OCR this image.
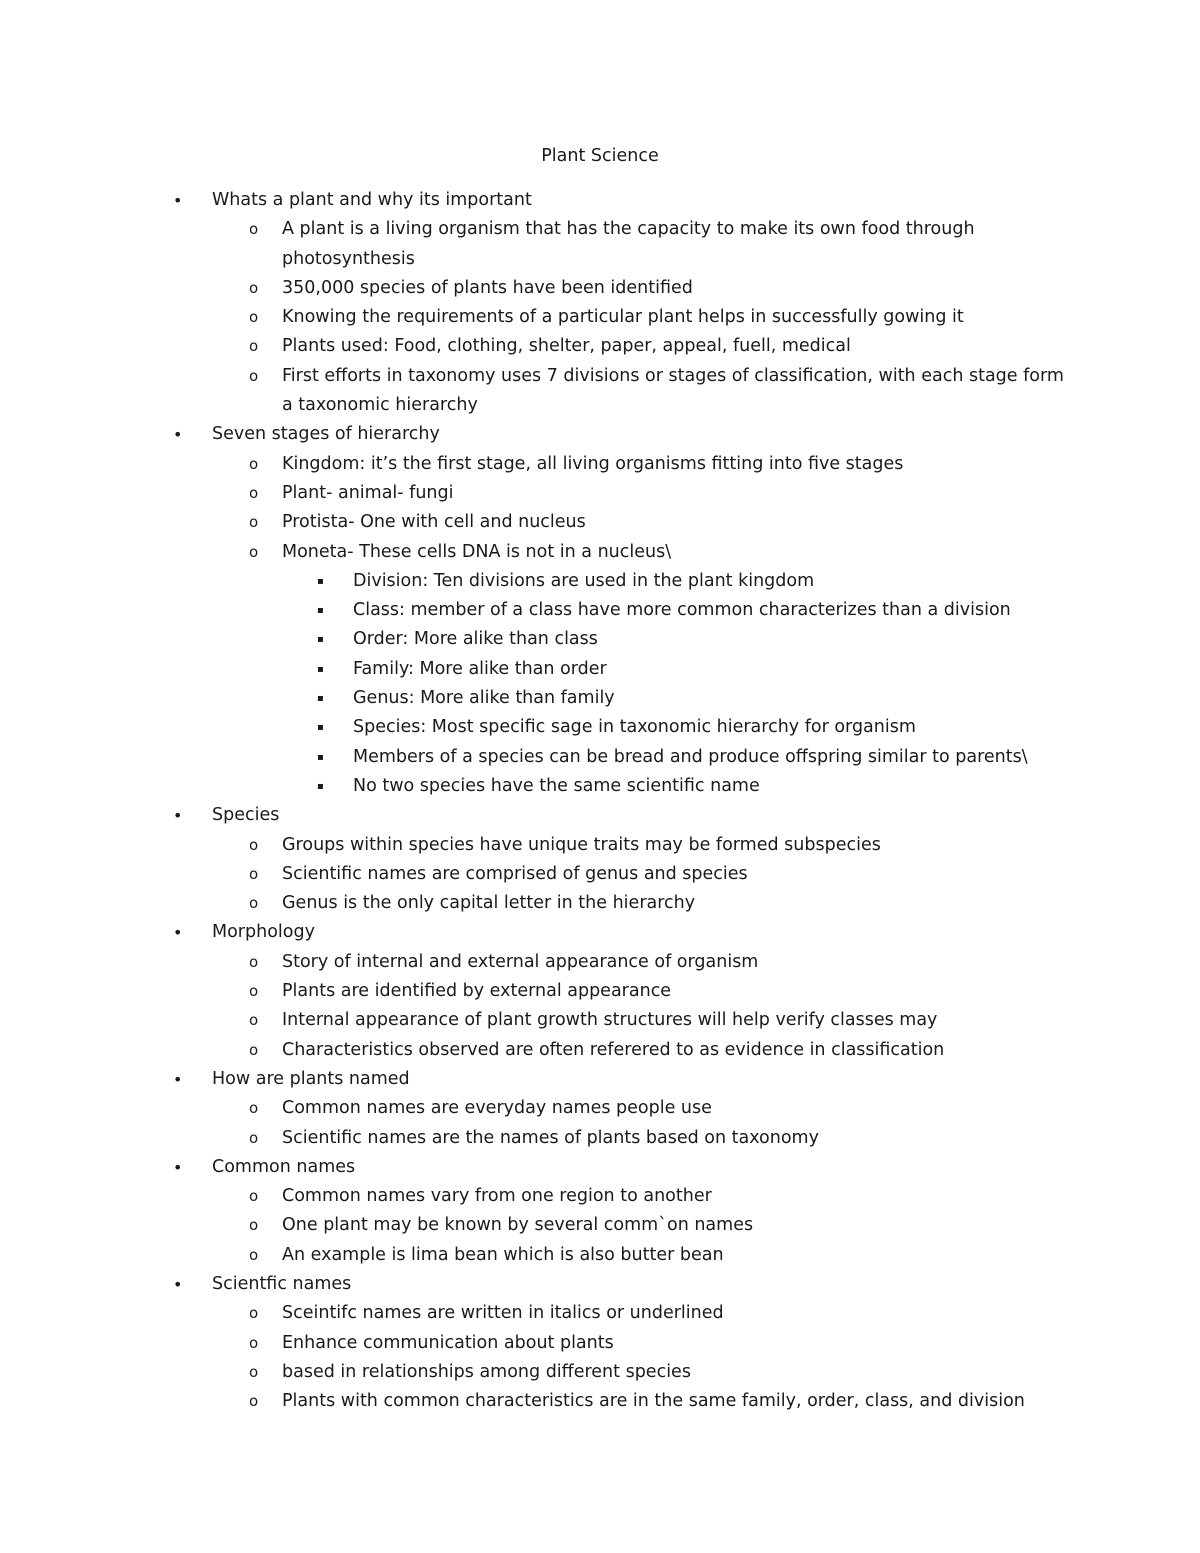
Plant Science
• Whats a plant and why its important
o A plant is a living organism that has the capacity to make its own food through photosynthesis
o 350,000 species of plants have been identified
o Knowing the requirements of a particular plant helps in successfully gowing it
o Plants used: Food, clothing, shelter, paper, appeal, fuell, medical
o First efforts in taxonomy uses 7 divisions or stages of classification, with each stage form a taxonomic hierarchy
• Seven stages of hierarchy
o Kingdom: it’s the first stage, all living organisms fitting into five stages
o Plant- animal- fungi
o Protista- One with cell and nucleus
o Moneta- These cells DNA is not in a nucleus\
▪ Division: Ten divisions are used in the plant kingdom
▪ Class: member of a class have more common characterizes than a division
▪ Order: More alike than class
▪ Family: More alike than order
▪ Genus: More alike than family
▪ Species: Most specific sage in taxonomic hierarchy for organism
▪ Members of a species can be bread and produce offspring similar to parents\
▪ No two species have the same scientific name
• Species
o Groups within species have unique traits may be formed subspecies
o Scientific names are comprised of genus and species
o Genus is the only capital letter in the hierarchy
• Morphology
o Story of internal and external appearance of organism
o Plants are identified by external appearance
o Internal appearance of plant growth structures will help verify classes may
o Characteristics observed are often referered to as evidence in classification
• How are plants named
o Common names are everyday names people use
o Scientific names are the names of plants based on taxonomy
• Common names
o Common names vary from one region to another
o One plant may be known by several comm`on names
o An example is lima bean which is also butter bean
• Scientfic names
o Sceintifc names are written in italics or underlined
o Enhance communication about plants
o based in relationships among different species
o Plants with common characteristics are in the same family, order, class, and division
